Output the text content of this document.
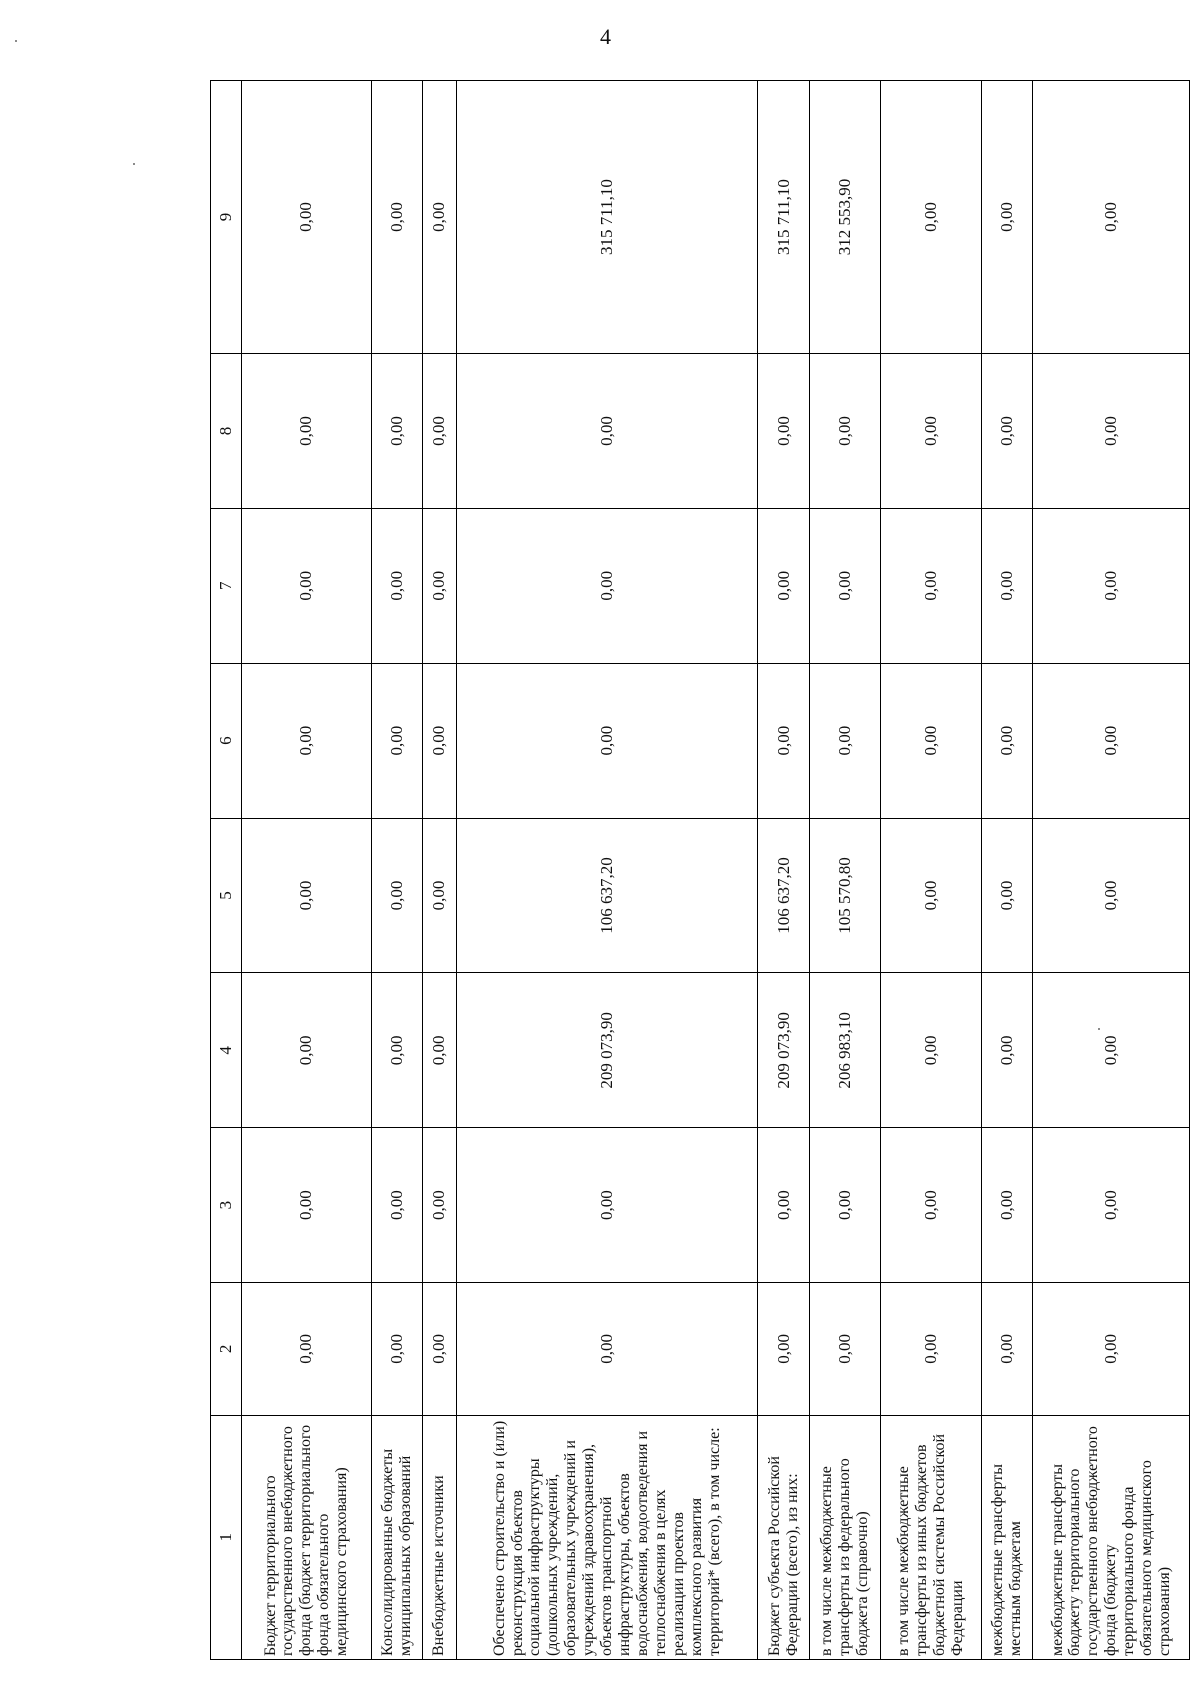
4
1	2	3	4	5	6	7	8	9
Бюджет территориального государственного внебюджетного фонда (бюджет территориального фонда обязательного медицинского страхования)	0,00	0,00	0,00	0,00	0,00	0,00	0,00	0,00
Консолидированные бюджеты муниципальных образований	0,00	0,00	0,00	0,00	0,00	0,00	0,00	0,00
Внебюджетные источники	0,00	0,00	0,00	0,00	0,00	0,00	0,00	0,00
Обеспечено строительство и (или) реконструкция объектов социальной инфраструктуры (дошкольных учреждений, образовательных учреждений и учреждений здравоохранения), объектов транспортной инфраструктуры, объектов водоснабжения, водоотведения и теплоснабжения в целях реализации проектов комплексного развития территорий* (всего), в том числе:	0,00	0,00	209 073,90	106 637,20	0,00	0,00	0,00	315 711,10
Бюджет субъекта Российской Федерации (всего), из них:	0,00	0,00	209 073,90	106 637,20	0,00	0,00	0,00	315 711,10
в том числе межбюджетные трансферты из федерального бюджета (справочно)	0,00	0,00	206 983,10	105 570,80	0,00	0,00	0,00	312 553,90
в том числе межбюджетные трансферты из иных бюджетов бюджетной системы Российской Федерации	0,00	0,00	0,00	0,00	0,00	0,00	0,00	0,00
межбюджетные трансферты местным бюджетам	0,00	0,00	0,00	0,00	0,00	0,00	0,00	0,00
межбюджетные трансферты бюджету территориального государственного внебюджетного фонда (бюджету территориального фонда обязательного медицинского страхования)	0,00	0,00	0,00	0,00	0,00	0,00	0,00	0,00
